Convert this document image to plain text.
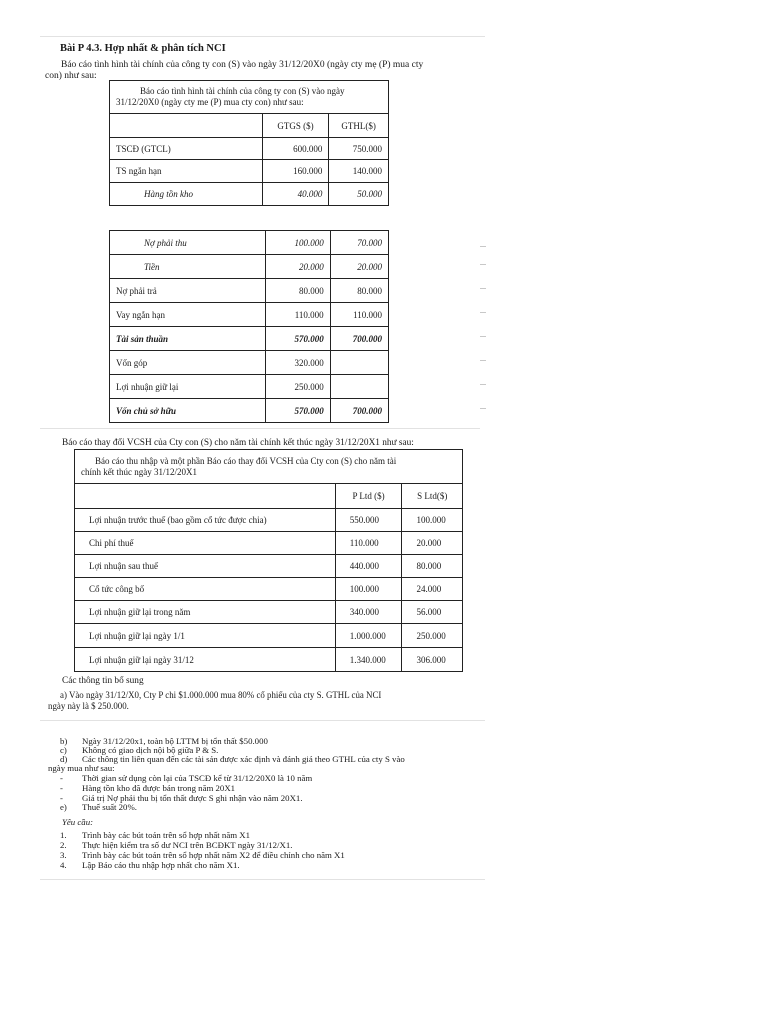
Bài P 4.3. Hợp nhất & phân tích NCI
Báo cáo tình hình tài chính của công ty con (S) vào ngày 31/12/20X0 (ngày cty mẹ (P) mua cty
con) như sau:
Báo cáo tình hình tài chính của công ty con (S) vào ngày
31/12/20X0 (ngày cty me (P) mua cty con) như sau:		

	GTGS ($)	GTHL($)
TSCĐ (GTCL)	600.000	750.000
TS ngắn hạn	160.000	140.000
Hàng tồn kho	40.000	50.000
Nợ phải thu	100.000	70.000
Tiền	20.000	20.000
Nợ phải trả	80.000	80.000
Vay ngắn hạn	110.000	110.000
Tài sản thuần	570.000	700.000
Vốn góp	320.000	
Lợi nhuận giữ lại	250.000	
Vốn chủ sở hữu	570.000	700.000
Báo cáo thay đổi VCSH của Cty con (S) cho năm tài chính kết thúc ngày 31/12/20X1 như sau:
Báo cáo thu nhập và một phần Báo cáo thay đổi VCSH của Cty con (S) cho năm tài
chính kết thúc ngày 31/12/20X1		

	P Ltd ($)	S Ltd($)
Lợi nhuận trước thuế (bao gồm cổ tức được chia)	550.000	100.000
Chi phí thuế	110.000	20.000
Lợi nhuận sau thuế	440.000	80.000
Cổ tức công bố	100.000	24.000
Lợi nhuận giữ lại trong năm	340.000	56.000
Lợi nhuận giữ lại ngày 1/1	1.000.000	250.000
Lợi nhuận giữ lại ngày 31/12	1.340.000	306.000
Các thông tin bổ sung
a) Vào ngày 31/12/X0, Cty P chi $1.000.000 mua 80% cổ phiếu của cty S. GTHL của NCI
ngày này là $ 250.000.
b) Ngày 31/12/20x1, toàn bộ LTTM bị tổn thất $50.000
c) Không có giao dịch nội bộ giữa P & S.
d) Các thông tin liên quan đến các tài sản được xác định và đánh giá theo GTHL của cty S vào
ngày mua như sau:
- Thời gian sử dụng còn lại của TSCĐ kể từ 31/12/20X0 là 10 năm
- Hàng tồn kho đã được bán trong năm 20X1
- Giá trị Nợ phải thu bị tổn thất được S ghi nhận vào năm 20X1.
e) Thuế suất 20%.
Yêu cầu:
1. Trình bày các bút toán trên sổ hợp nhất năm X1
2. Thực hiện kiểm tra số dư NCI trên BCĐKT ngày 31/12/X1.
3. Trình bày các bút toán trên sổ hợp nhất năm X2 để điều chỉnh cho năm X1
4. Lập Báo cáo thu nhập hợp nhất cho năm X1.
